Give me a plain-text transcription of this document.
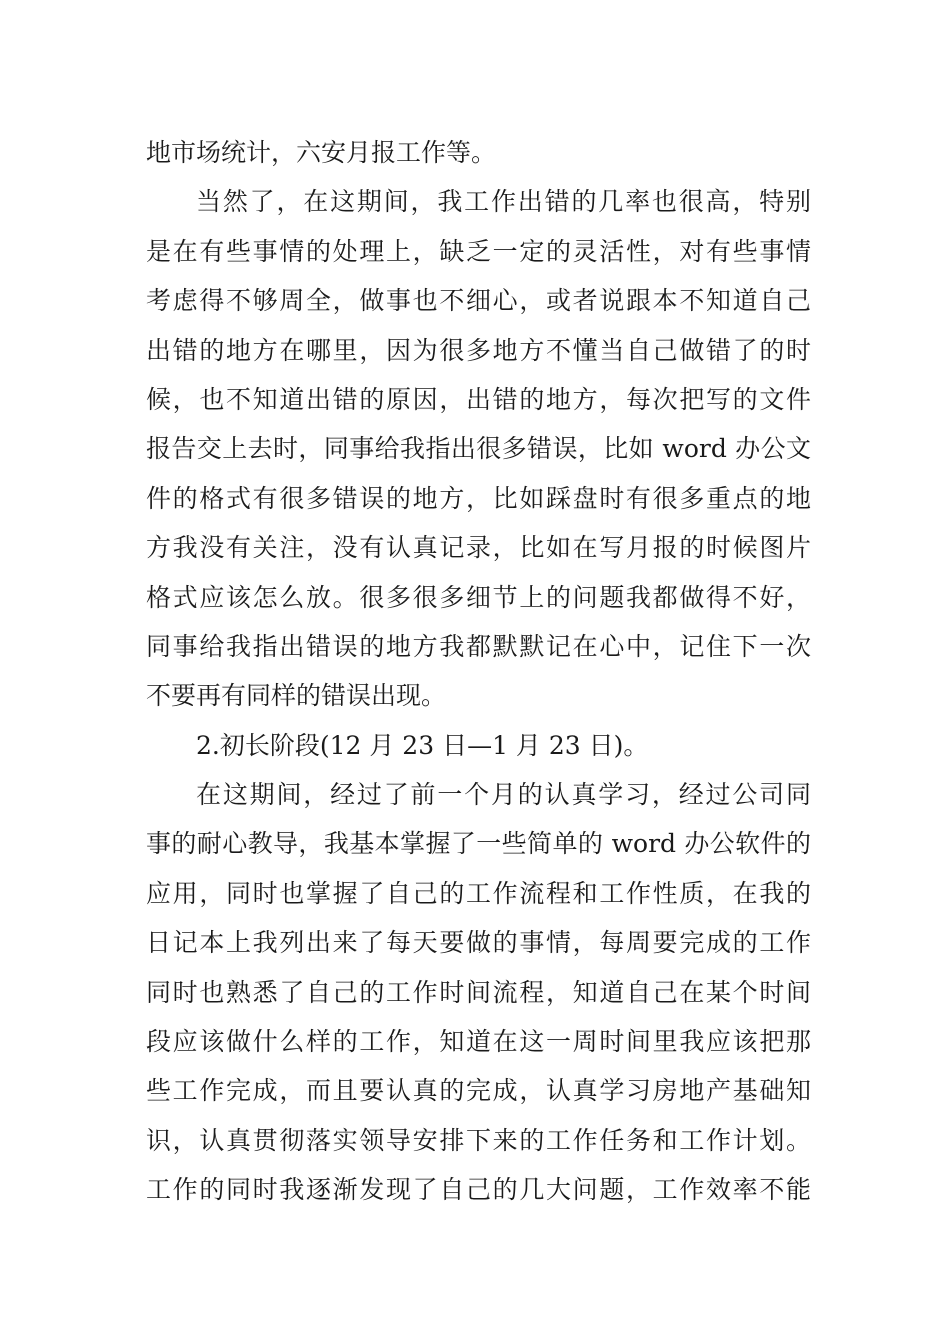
地市场统计，六安月报工作等。
当然了，在这期间，我工作出错的几率也很高，特别
是在有些事情的处理上，缺乏一定的灵活性，对有些事情
考虑得不够周全，做事也不细心，或者说跟本不知道自己
出错的地方在哪里，因为很多地方不懂当自己做错了的时
候，也不知道出错的原因，出错的地方，每次把写的文件
报告交上去时，同事给我指出很多错误，比如 word 办公文
件的格式有很多错误的地方，比如踩盘时有很多重点的地
方我没有关注，没有认真记录，比如在写月报的时候图片
格式应该怎么放。很多很多细节上的问题我都做得不好，
同事给我指出错误的地方我都默默记在心中，记住下一次
不要再有同样的错误出现。
2.初长阶段(12 月 23 日—1 月 23 日)。
在这期间，经过了前一个月的认真学习，经过公司同
事的耐心教导，我基本掌握了一些简单的 word 办公软件的
应用，同时也掌握了自己的工作流程和工作性质，在我的
日记本上我列出来了每天要做的事情，每周要完成的工作
同时也熟悉了自己的工作时间流程，知道自己在某个时间
段应该做什么样的工作，知道在这一周时间里我应该把那
些工作完成，而且要认真的完成，认真学习房地产基础知
识，认真贯彻落实领导安排下来的工作任务和工作计划。
工作的同时我逐渐发现了自己的几大问题，工作效率不能
